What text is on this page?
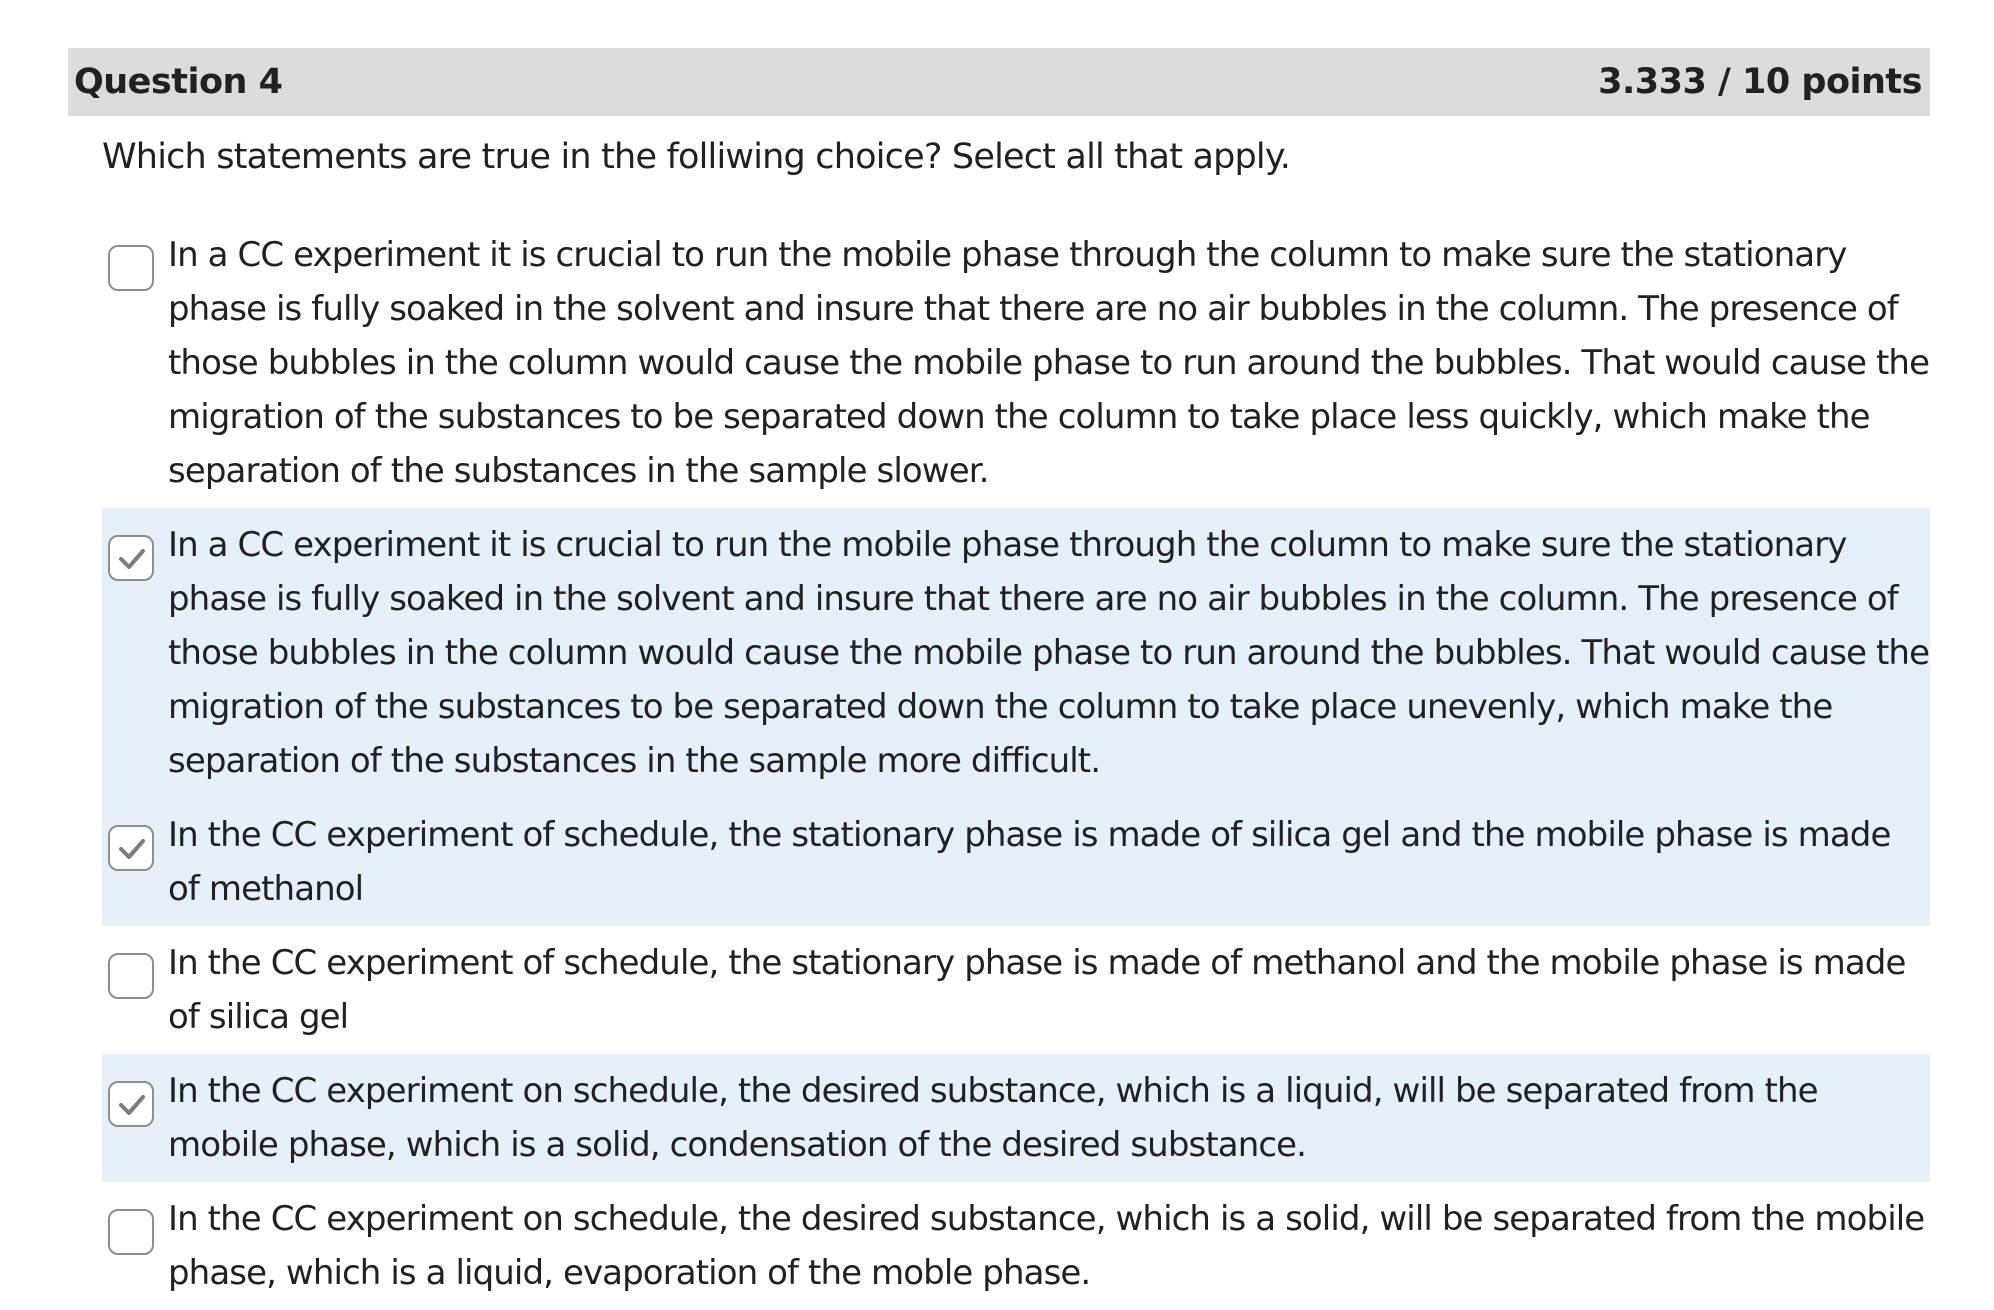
Question 4	3.333 / 10 points
Which statements are true in the folliwing choice? Select all that apply.
In a CC experiment it is crucial to run the mobile phase through the column to make sure the stationary phase is fully soaked in the solvent and insure that there are no air bubbles in the column. The presence of those bubbles in the column would cause the mobile phase to run around the bubbles. That would cause the migration of the substances to be separated down the column to take place less quickly, which make the separation of the substances in the sample slower.
In a CC experiment it is crucial to run the mobile phase through the column to make sure the stationary phase is fully soaked in the solvent and insure that there are no air bubbles in the column. The presence of those bubbles in the column would cause the mobile phase to run around the bubbles. That would cause the migration of the substances to be separated down the column to take place unevenly, which make the separation of the substances in the sample more difficult.
In the CC experiment of schedule, the stationary phase is made of silica gel and the mobile phase is made of methanol
In the CC experiment of schedule, the stationary phase is made of methanol and the mobile phase is made of silica gel
In the CC experiment on schedule, the desired substance, which is a liquid, will be separated from the mobile phase, which is a solid, condensation of the desired substance.
In the CC experiment on schedule, the desired substance, which is a solid, will be separated from the mobile phase, which is a liquid, evaporation of the moble phase.
